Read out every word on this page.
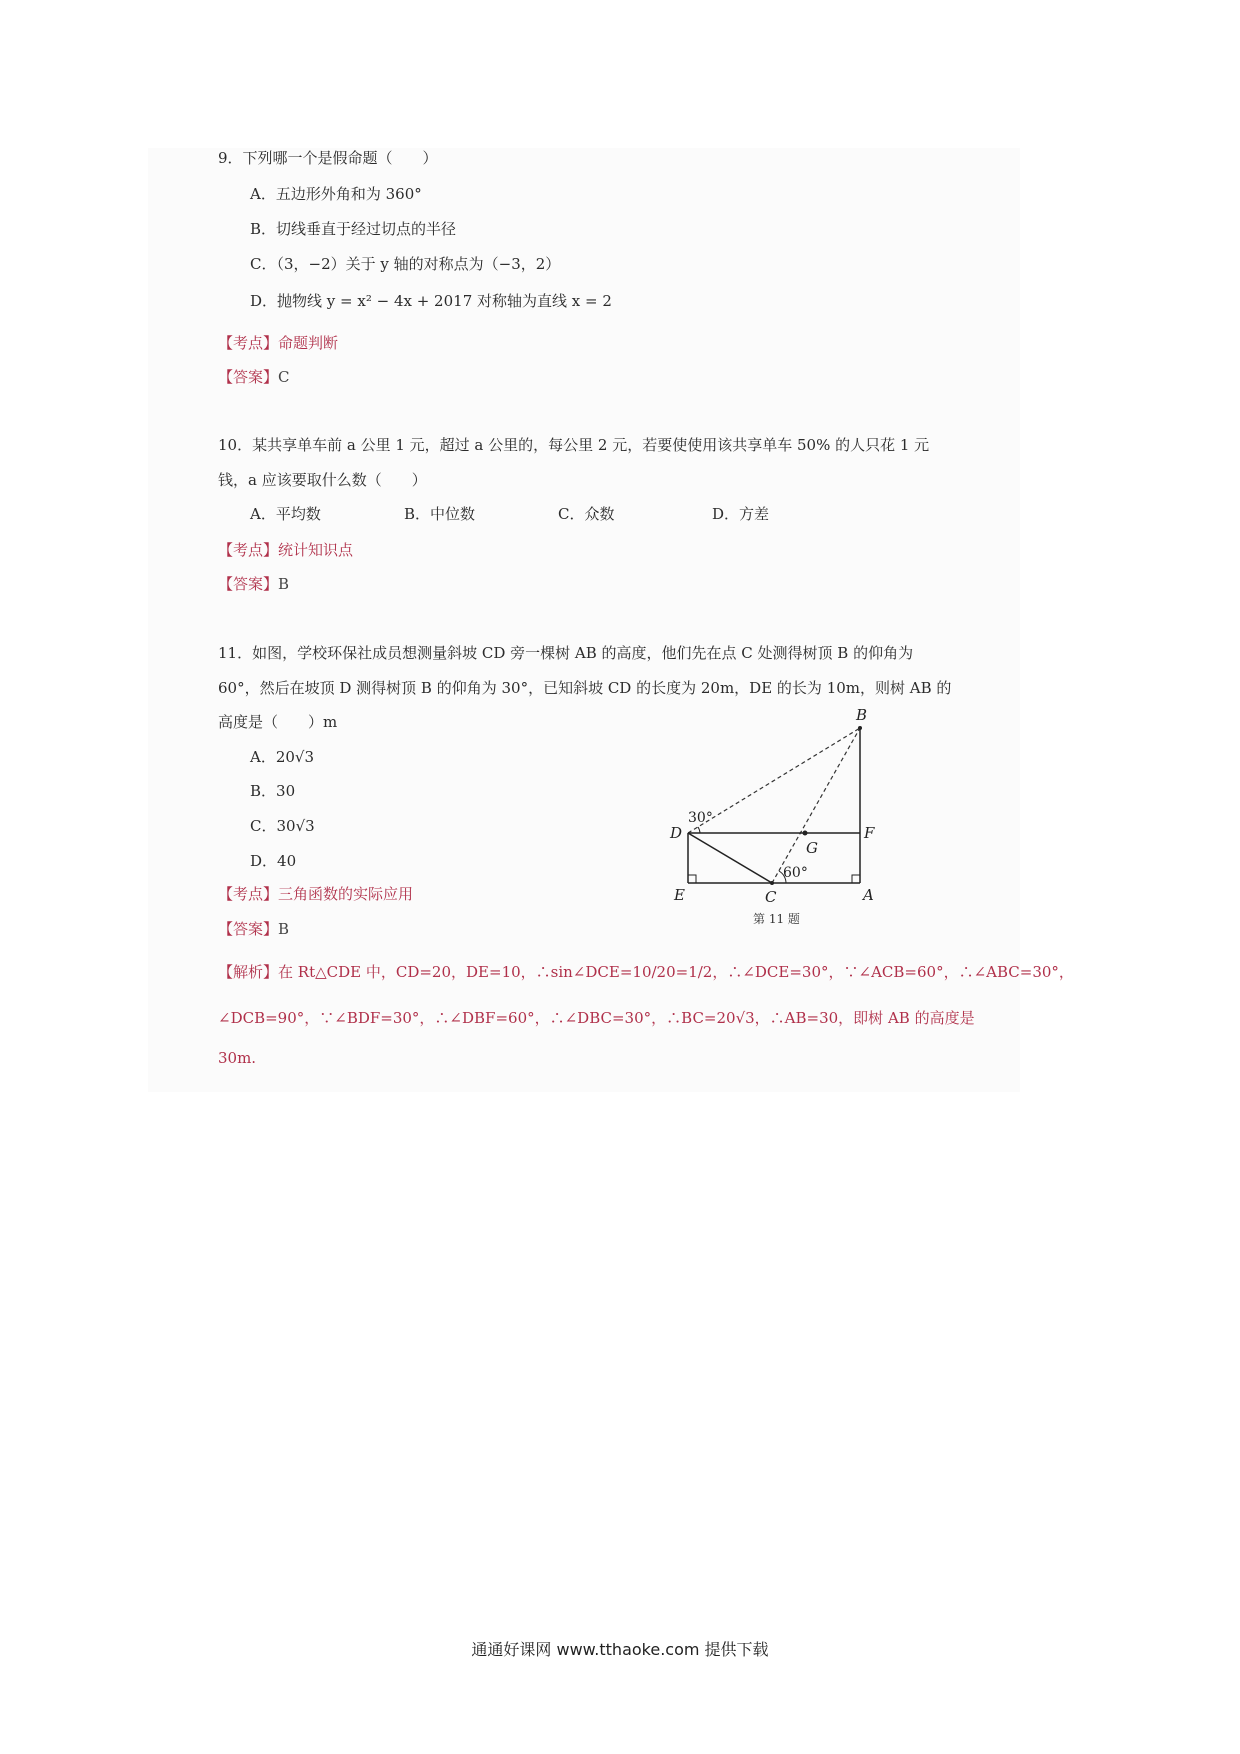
9．下列哪一个是假命题（　　）
A．五边形外角和为 360°
B．切线垂直于经过切点的半径
C．（3，−2）关于 y 轴的对称点为（−3，2）
D．抛物线 y = x² − 4x + 2017 对称轴为直线 x = 2
【考点】命题判断
【答案】C
10．某共享单车前 a 公里 1 元，超过 a 公里的，每公里 2 元，若要使使用该共享单车 50% 的人只花 1 元
钱，a 应该要取什么数（　　）
A．平均数	B．中位数	C．众数	D．方差
【考点】统计知识点
【答案】B
11．如图，学校环保社成员想测量斜坡 CD 旁一棵树 AB 的高度，他们先在点 C 处测得树顶 B 的仰角为
60°，然后在坡顶 D 测得树顶 B 的仰角为 30°，已知斜坡 CD 的长度为 20m，DE 的长为 10m，则树 AB 的
高度是（　　）m
A．20√3
B．30
C．30√3
D．40
【考点】三角函数的实际应用
【答案】B
【解析】在 Rt△CDE 中，CD=20，DE=10，∴sin∠DCE=10/20=1/2，∴∠DCE=30°，∵∠ACB=60°，∴∠ABC=30°，
∠DCB=90°，∵∠BDF=30°，∴∠DBF=60°，∴∠DBC=30°，∴BC=20√3，∴AB=30，即树 AB 的高度是
30m.
B
D	F
G
E	C	A
30°
60°
第 11 题
通通好课网 www.tthaoke.com 提供下载
